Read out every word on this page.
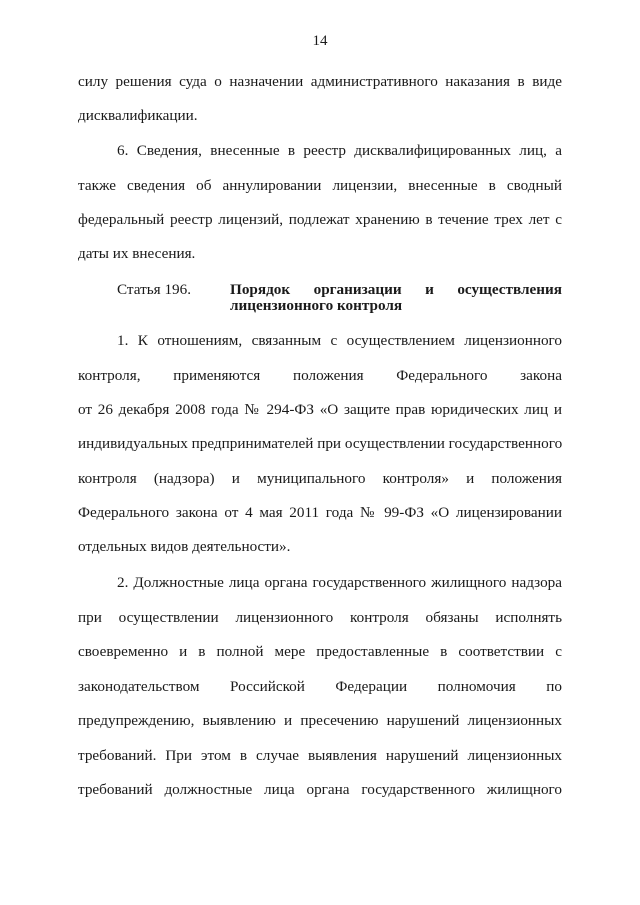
14
силу решения суда о назначении административного наказания в виде
дисквалификации.
6. Сведения, внесенные в реестр дисквалифицированных лиц, а
также сведения об аннулировании лицензии, внесенные в сводный
федеральный реестр лицензий, подлежат хранению в течение трех лет с
даты их внесения.
Статья 196.	Порядок организации и осуществления
лицензионного контроля
1. К отношениям, связанным с осуществлением лицензионного
контроля, применяются положения Федерального закона
от 26 декабря 2008 года № 294-ФЗ «О защите прав юридических лиц и
индивидуальных предпринимателей при осуществлении государственного
контроля (надзора) и муниципального контроля» и положения
Федерального закона от 4 мая 2011 года № 99-ФЗ «О лицензировании
отдельных видов деятельности».
2. Должностные лица органа государственного жилищного надзора
при осуществлении лицензионного контроля обязаны исполнять
своевременно и в полной мере предоставленные в соответствии с
законодательством Российской Федерации полномочия по
предупреждению, выявлению и пресечению нарушений лицензионных
требований. При этом в случае выявления нарушений лицензионных
требований должностные лица органа государственного жилищного
